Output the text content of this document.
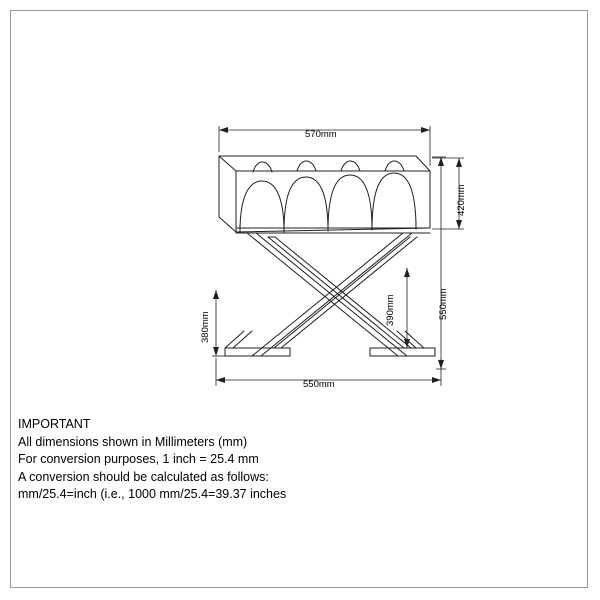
570mm
420mm
550mm
390mm
380mm
550mm
IMPORTANT
All dimensions shown in Millimeters (mm)
For conversion purposes, 1 inch = 25.4 mm
A conversion should be calculated as follows:
mm/25.4=inch (i.e., 1000 mm/25.4=39.37 inches
